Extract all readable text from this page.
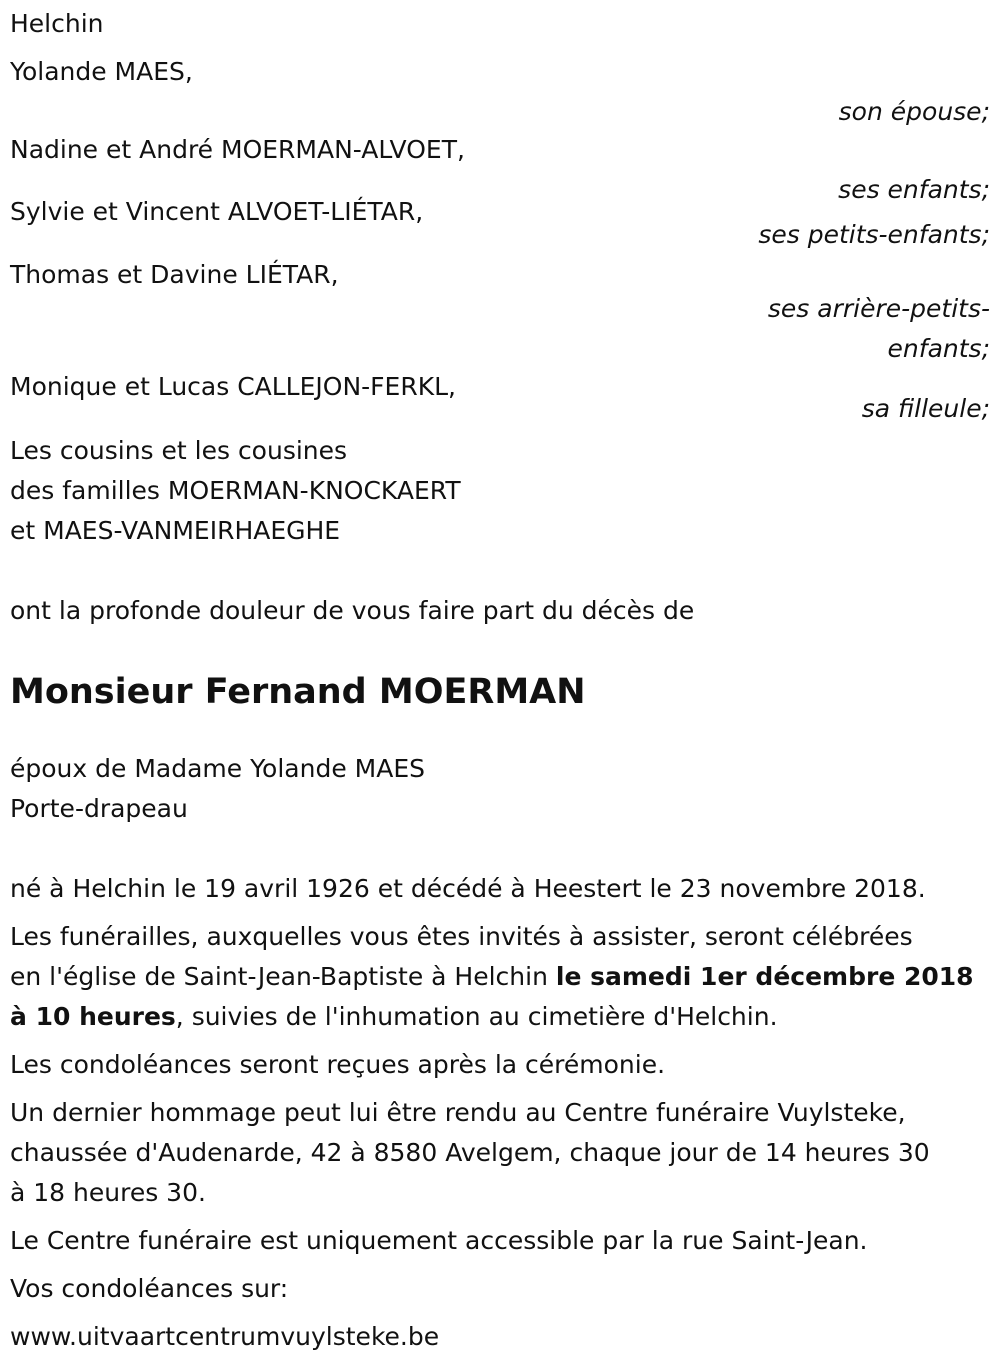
Helchin
Yolande MAES,
son épouse;
Nadine et André MOERMAN-ALVOET,
ses enfants;
Sylvie et Vincent ALVOET-LIÉTAR,
ses petits-enfants;
Thomas et Davine LIÉTAR,
ses arrière-petits-
enfants;
Monique et Lucas CALLEJON-FERKL,
sa filleule;
Les cousins et les cousines
des familles MOERMAN-KNOCKAERT
et MAES-VANMEIRHAEGHE
ont la profonde douleur de vous faire part du décès de
Monsieur Fernand MOERMAN
époux de Madame Yolande MAES
Porte-drapeau
né à Helchin le 19 avril 1926 et décédé à Heestert le 23 novembre 2018.
Les funérailles, auxquelles vous êtes invités à assister, seront célébrées
en l'église de Saint-Jean-Baptiste à Helchin le samedi 1er décembre 2018
à 10 heures, suivies de l'inhumation au cimetière d'Helchin.
Les condoléances seront reçues après la cérémonie.
Un dernier hommage peut lui être rendu au Centre funéraire Vuylsteke,
chaussée d'Audenarde, 42 à 8580 Avelgem, chaque jour de 14 heures 30
à 18 heures 30.
Le Centre funéraire est uniquement accessible par la rue Saint-Jean.
Vos condoléances sur:
www.uitvaartcentrumvuylsteke.be
